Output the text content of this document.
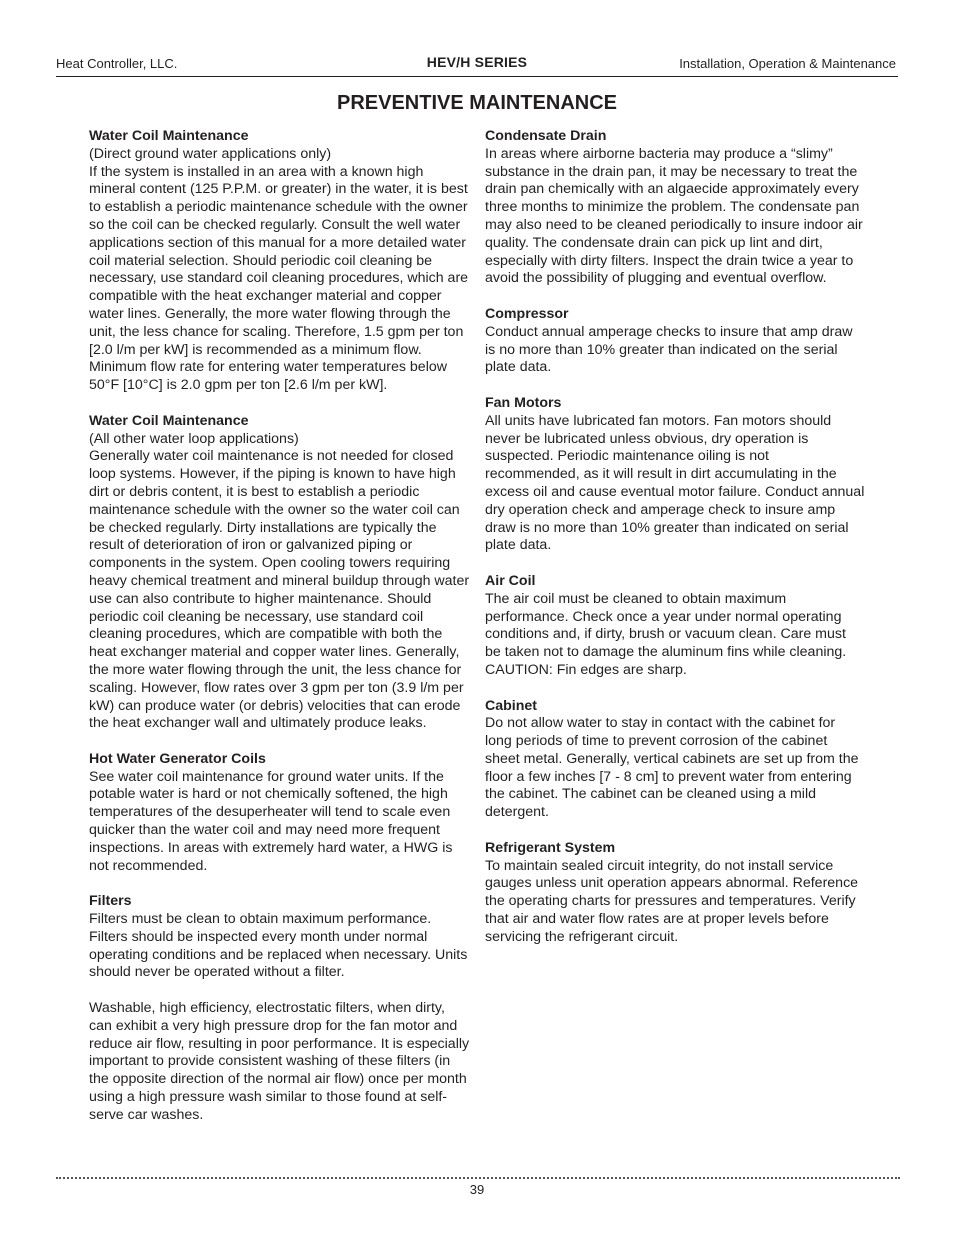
Heat Controller, LLC.	HEV/H SERIES	Installation, Operation & Maintenance
PREVENTIVE MAINTENANCE
Water Coil Maintenance
(Direct ground water applications only)
If the system is installed in an area with a known high mineral content (125 P.P.M. or greater) in the water, it is best to establish a periodic maintenance schedule with the owner so the coil can be checked regularly. Consult the well water applications section of this manual for a more detailed water coil material selection. Should periodic coil cleaning be necessary, use standard coil cleaning procedures, which are compatible with the heat exchanger material and copper water lines. Generally, the more water flowing through the unit, the less chance for scaling. Therefore, 1.5 gpm per ton [2.0 l/m per kW] is recommended as a minimum flow. Minimum flow rate for entering water temperatures below 50°F [10°C] is 2.0 gpm per ton [2.6 l/m per kW].
Water Coil Maintenance
(All other water loop applications)
Generally water coil maintenance is not needed for closed loop systems. However, if the piping is known to have high dirt or debris content, it is best to establish a periodic maintenance schedule with the owner so the water coil can be checked regularly. Dirty installations are typically the result of deterioration of iron or galvanized piping or components in the system. Open cooling towers requiring heavy chemical treatment and mineral buildup through water use can also contribute to higher maintenance. Should periodic coil cleaning be necessary, use standard coil cleaning procedures, which are compatible with both the heat exchanger material and copper water lines. Generally, the more water flowing through the unit, the less chance for scaling. However, flow rates over 3 gpm per ton (3.9 l/m per kW) can produce water (or debris) velocities that can erode the heat exchanger wall and ultimately produce leaks.
Hot Water Generator Coils
See water coil maintenance for ground water units. If the potable water is hard or not chemically softened, the high temperatures of the desuperheater will tend to scale even quicker than the water coil and may need more frequent inspections. In areas with extremely hard water, a HWG is not recommended.
Filters
Filters must be clean to obtain maximum performance. Filters should be inspected every month under normal operating conditions and be replaced when necessary. Units should never be operated without a filter.
Washable, high efficiency, electrostatic filters, when dirty, can exhibit a very high pressure drop for the fan motor and reduce air flow, resulting in poor performance. It is especially important to provide consistent washing of these filters (in the opposite direction of the normal air flow) once per month using a high pressure wash similar to those found at self-serve car washes.
Condensate Drain
In areas where airborne bacteria may produce a “slimy” substance in the drain pan, it may be necessary to treat the drain pan chemically with an algaecide approximately every three months to minimize the problem. The condensate pan may also need to be cleaned periodically to insure indoor air quality. The condensate drain can pick up lint and dirt, especially with dirty filters. Inspect the drain twice a year to avoid the possibility of plugging and eventual overflow.
Compressor
Conduct annual amperage checks to insure that amp draw is no more than 10% greater than indicated on the serial plate data.
Fan Motors
All units have lubricated fan motors. Fan motors should never be lubricated unless obvious, dry operation is suspected. Periodic maintenance oiling is not recommended, as it will result in dirt accumulating in the excess oil and cause eventual motor failure. Conduct annual dry operation check and amperage check to insure amp draw is no more than 10% greater than indicated on serial plate data.
Air Coil
The air coil must be cleaned to obtain maximum performance. Check once a year under normal operating conditions and, if dirty, brush or vacuum clean. Care must be taken not to damage the aluminum fins while cleaning. CAUTION: Fin edges are sharp.
Cabinet
Do not allow water to stay in contact with the cabinet for long periods of time to prevent corrosion of the cabinet sheet metal. Generally, vertical cabinets are set up from the floor a few inches [7 - 8 cm] to prevent water from entering the cabinet. The cabinet can be cleaned using a mild detergent.
Refrigerant System
To maintain sealed circuit integrity, do not install service gauges unless unit operation appears abnormal. Reference the operating charts for pressures and temperatures. Verify that air and water flow rates are at proper levels before servicing the refrigerant circuit.
39
